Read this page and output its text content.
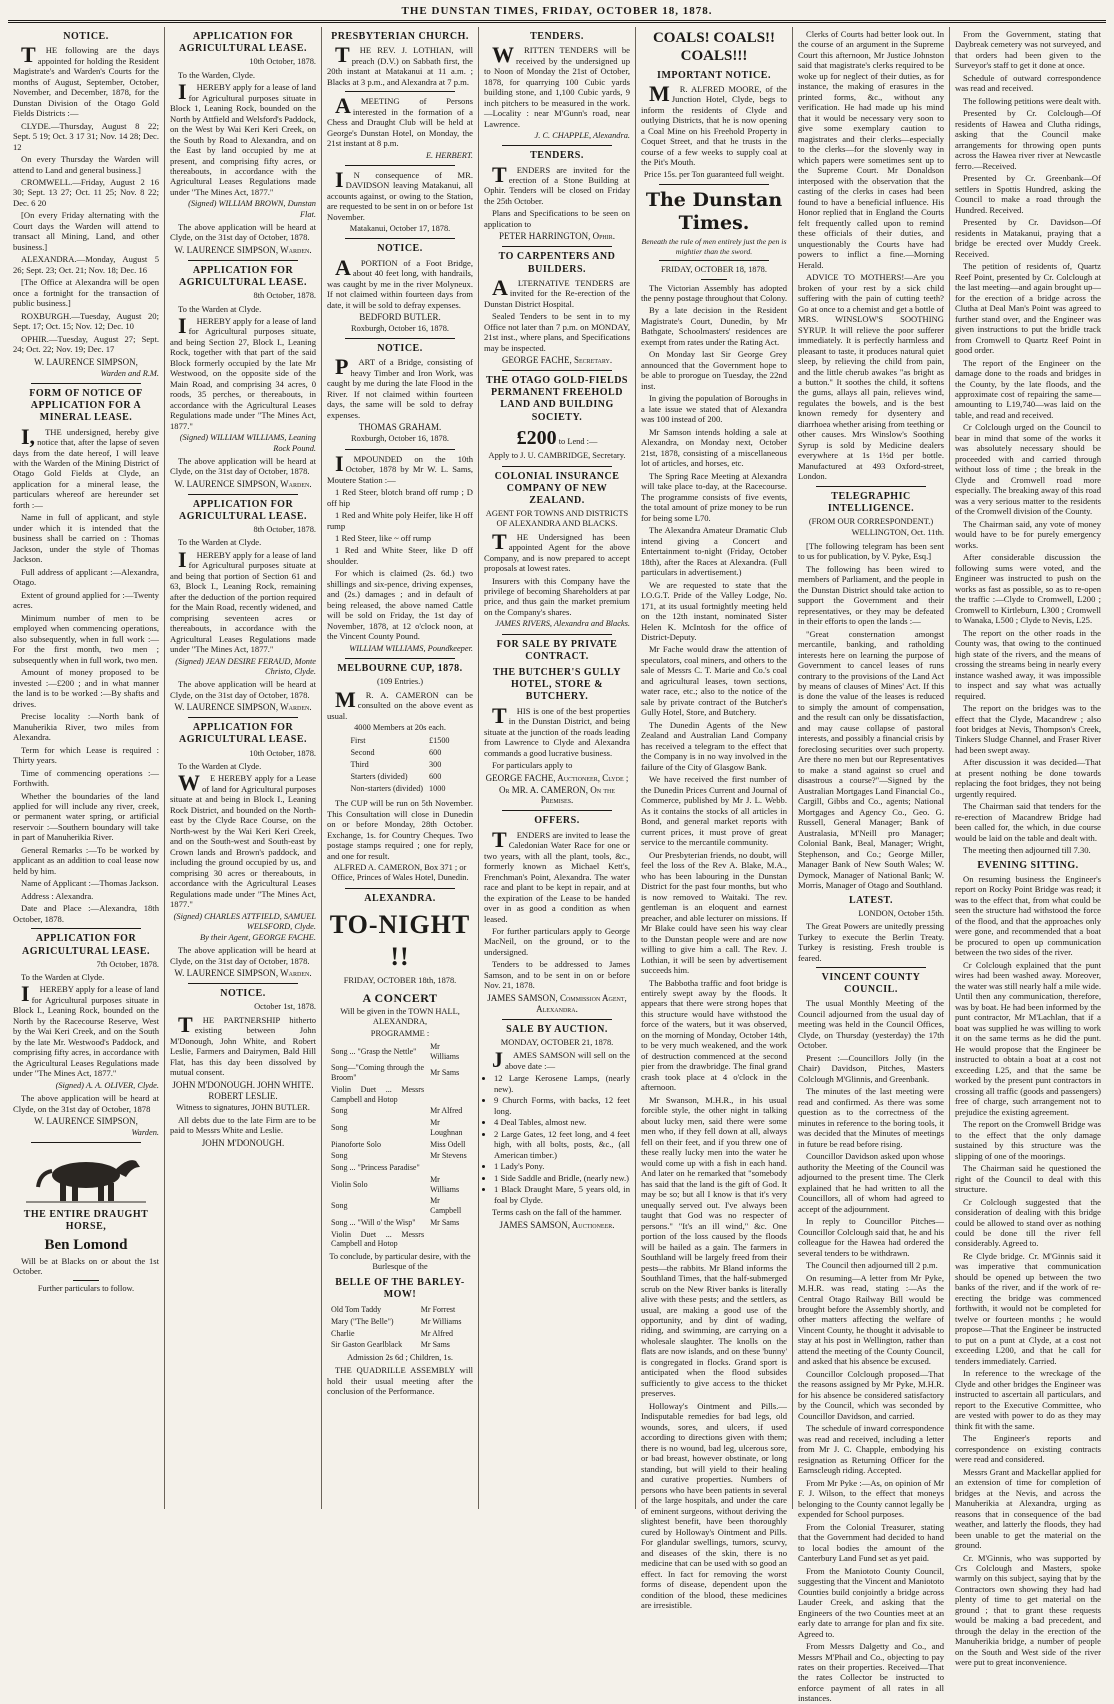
THE DUNSTAN TIMES, FRIDAY, OCTOBER 18, 1878.
NOTICE.

THE following are the days appointed for holding the Resident Magistrate's and Warden's Courts for the months of August, September, October, November, and December, 1878, for the Dunstan Division of the Otago Gold Fields Districts :—

CLYDE.—Thursday, August 8 22; Sept. 5 19; Oct. 3 17 31; Nov. 14 28; Dec. 12

On every Thursday the Warden will attend to Land and general business.]

CROMWELL.—Friday, August 2 16 30; Sept. 13 27; Oct. 11 25; Nov. 8 22; Dec. 6 20

[On every Friday alternating with the Court days the Warden will attend to transact all Mining, Land, and other business.]

ALEXANDRA.—Monday, August 5 26; Sept. 23; Oct. 21; Nov. 18; Dec. 16

[The Office at Alexandra will be open once a fortnight for the transaction of public business.]

ROXBURGH.—Tuesday, August 20; Sept. 17; Oct. 15; Nov. 12; Dec. 10

OPHIR.—Tuesday, August 27; Sept. 24; Oct. 22; Nov. 19; Dec. 17

W. LAURENCE SIMPSON,
Warden and R.M.
FORM OF NOTICE OF APPLICATION FOR A MINERAL LEASE.

I,THE undersigned, hereby give notice that, after the lapse of seven days from the date hereof, I will leave with the Warden of the Mining District of Otago Gold Fields at Clyde, an application for a mineral lease, the particulars whereof are hereunder set forth :—

Name in full of applicant, and style under which it is intended that the business shall be carried on : Thomas Jackson, under the style of Thomas Jackson.

Full address of applicant :—Alexandra, Otago.

Extent of ground applied for :—Twenty acres.

Minimum number of men to be employed when commencing operations, also subsequently, when in full work :—For the first month, two men ; subsequently when in full work, two men.

Amount of money proposed to be invested :—£200 ; and in what manner the land is to be worked :—By shafts and drives.

Precise locality :—North bank of Manuherikia River, two miles from Alexandra.

Term for which Lease is required : Thirty years.

Time of commencing operations :—Forthwith.

Whether the boundaries of the land applied for will include any river, creek, or permanent water spring, or artificial reservoir :—Southern boundary will take in part of Manuherikia River.

General Remarks :—To be worked by applicant as an addition to coal lease now held by him.

Name of Applicant :—Thomas Jackson.

Address : Alexandra.

Date and Place :—Alexandra, 18th October, 1878.

APPLICATION FOR AGRICULTURAL LEASE.
7th October, 1878.

To the Warden at Clyde.

IHEREBY apply for a lease of land for Agricultural purposes situate in Block I., Leaning Rock, bounded on the North by the Racecourse Reserve, West by the Wai Keri Creek, and on the South by the late Mr. Westwood's Paddock, and comprising fifty acres, in accordance with the Agricultural Leases Regulations made under "The Mines Act, 1877."

(Signed) A. A. OLIVER, Clyde.

The above application will be heard at Clyde, on the 31st day of October, 1878

W. LAURENCE SIMPSON,
Warden.
THE ENTIRE DRAUGHT HORSE,
Ben Lomond

Will be at Blacks on or about the 1st October.

Further particulars to follow.
APPLICATION FOR AGRICULTURAL LEASE.
10th October, 1878.

To the Warden, Clyde.

IHEREBY apply for a lease of land for Agricultural purposes situate in Block 1, Leaning Rock, bounded on the North by Attfield and Welsford's Paddock, on the West by Wai Keri Keri Creek, on the South by Road to Alexandra, and on the East by land occupied by me at present, and comprising fifty acres, or thereabouts, in accordance with the Agricultural Leases Regulations made under "The Mines Act, 1877."

(Signed) WILLIAM BROWN, Dunstan Flat.

The above application will be heard at Clyde, on the 31st day of October, 1878.

W. LAURENCE SIMPSON, Warden.
APPLICATION FOR AGRICULTURAL LEASE.
8th October, 1878.

To the Warden at Clyde.

IHEREBY apply for a lease of land for Agricultural purposes situate, and being Section 27, Block I., Leaning Rock, together with that part of the said Block formerly occupied by the late Mr Westwood, on the opposite side of the Main Road, and comprising 34 acres, 0 roods, 35 perches, or thereabouts, in accordance with the Agricultural Leases Regulations made under "The Mines Act, 1877."

(Signed) WILLIAM WILLIAMS, Leaning Rock Pound.

The above application will be heard at Clyde, on the 31st day of October, 1878.

W. LAURENCE SIMPSON, Warden.
APPLICATION FOR AGRICULTURAL LEASE.
8th October, 1878.

To the Warden at Clyde.

IHEREBY apply for a lease of land for Agricultural purposes situate at and being that portion of Section 61 and 63, Block I., Leaning Rock, remaining after the deduction of the portion required for the Main Road, recently widened, and comprising seventeen acres or thereabouts, in accordance with the Agricultural Leases Regulations made under "The Mines Act, 1877."

(Signed) JEAN DESIRE FERAUD, Monte Christo, Clyde.

The above application will be heard at Clyde, on the 31st day of October, 1878.

W. LAURENCE SIMPSON, Warden.
APPLICATION FOR AGRICULTURAL LEASE.
10th October, 1878.

To the Warden at Clyde.

WE HEREBY apply for a Lease of land for Agricultural purposes situate at and being in Block I., Leaning Rock District, and bounded on the North-east by the Clyde Race Course, on the North-west by the Wai Keri Keri Creek, and on the South-west and South-east by Crown lands and Brown's paddock, and including the ground occupied by us, and comprising 30 acres or thereabouts, in accordance with the Agricultural Leases Regulations made under "The Mines Act, 1877."

(Signed) CHARLES ATTFIELD, SAMUEL WELSFORD, Clyde.
By their Agent, GEORGE FACHE.

The above application will be heard at Clyde, on the 31st day of October, 1878.

W. LAURENCE SIMPSON, Warden.
NOTICE.
October 1st, 1878.

THE PARTNERSHIP hitherto existing between John M'Donough, John White, and Robert Leslie, Farmers and Dairymen, Bald Hill Flat, has this day been dissolved by mutual consent.

JOHN M'DONOUGH. JOHN WHITE. ROBERT LESLIE.
Witness to signatures, JOHN BUTLER.

All debts due to the late Firm are to be paid to Messrs White and Leslie.

JOHN M'DONOUGH.
PRESBYTERIAN CHURCH.

THE REV. J. LOTHIAN, will preach (D.V.) on Sabbath first, the 20th instant at Matakanui at 11 a.m. ; Blacks at 3 p.m., and Alexandra at 7 p.m.

AMEETING of Persons interested in the formation of a Chess and Draught Club will be held at George's Dunstan Hotel, on Monday, the 21st instant at 8 p.m.

E. HERBERT.

IN consequence of MR. DAVIDSON leaving Matakanui, all accounts against, or owing to the Station, are requested to be sent in on or before 1st November.

Matakanui, October 17, 1878.
NOTICE.

APORTION of a Foot Bridge, about 40 feet long, with handrails, was caught by me in the river Molyneux. If not claimed within fourteen days from date, it will be sold to defray expenses.

BEDFORD BUTLER.
Roxburgh, October 16, 1878.
NOTICE.

PART of a Bridge, consisting of heavy Timber and Iron Work, was caught by me during the late Flood in the River. If not claimed within fourteen days, the same will be sold to defray expenses.

THOMAS GRAHAM.
Roxburgh, October 16, 1878.

IMPOUNDED on the 10th October, 1878 by Mr W. L. Sams, Moutere Station :—

1 Red Steer, blotch brand off rump ; D off hip

1 Red and White poly Heifer, like H off rump

1 Red Steer, like ~ off rump

1 Red and White Steer, like D off shoulder.

For which is claimed (2s. 6d.) two shillings and six-pence, driving expenses, and (2s.) damages ; and in default of being released, the above named Cattle will be sold on Friday, the 1st day of November, 1878, at 12 o'clock noon, at the Vincent County Pound.

WILLIAM WILLIAMS, Poundkeeper.
MELBOURNE CUP, 1878.
(109 Entries.)

MR. A. CAMERON can be consulted on the above event as usual.

4000 Members at 20s each.
First	£1500
Second	600
Third	300
Starters (divided)	600
Non-starters (divided)	1000

The CUP will be run on 5th November. This Consultation will close in Dunedin on or before Monday, 28th October. Exchange, 1s. for Country Cheques. Two postage stamps required ; one for reply, and one for result.

ALFRED A. CAMERON, Box 371 ; or Office, Princes of Wales Hotel, Dunedin.
ALEXANDRA.
TO-NIGHT !!
FRIDAY, OCTOBER 18th, 1878.
A CONCERT
Will be given in the TOWN HALL, ALEXANDRA,
PROGRAMME :
Song ... "Grasp the Nettle"	Mr Williams
Song—"Coming through the Broom"	Mr Sams
Violin Duet ... Messrs Campbell and Hotop	
Song	Mr Alfred
Song	Mr Loughnan
Pianoforte Solo	Miss Odell
Song	Mr Stevens
Song ... "Princess Paradise"	
Violin Solo	Mr Williams
Song	Mr Campbell
Song ... "Will o' the Wisp"	Mr Sams
Violin Duet ... Messrs Campbell and Hotop	
To conclude, by particular desire, with the Burlesque of the
BELLE OF THE BARLEY-MOW!
Old Tom Taddy	Mr Forrest
Mary ("The Belle")	Mr Williams
Charlie	Mr Alfred
Sir Gaston Gearlblack	Mr Sams
Admission 2s 6d ; Children, 1s.

THE QUADRILLE ASSEMBLY will hold their usual meeting after the conclusion of the Performance.

TENDERS.

WRITTEN TENDERS will be received by the undersigned up to Noon of Monday the 21st of October, 1878, for quarrying 100 Cubic yards building stone, and 1,100 Cubic yards, 9 inch pitchers to be measured in the work.—Locality : near M'Gunn's road, near Lawrence.

J. C. CHAPPLE, Alexandra.
TENDERS.

TENDERS are invited for the erection of a Stone Building at Ophir. Tenders will be closed on Friday the 25th October.

Plans and Specifications to be seen on application to

PETER HARRINGTON, Ophir.
TO CARPENTERS AND BUILDERS.

ALTERNATIVE TENDERS are invited for the Re-erection of the Dunstan District Hospital.

Sealed Tenders to be sent in to my Office not later than 7 p.m. on MONDAY, 21st inst., where plans, and Specifications may be inspected.

GEORGE FACHE, Secretary.
THE OTAGO GOLD-FIELDS PERMANENT FREEHOLD LAND AND BUILDING SOCIETY.
£200 to Lend :—
Apply to J. U. CAMBRIDGE, Secretary.
COLONIAL INSURANCE COMPANY OF NEW ZEALAND.
AGENT FOR TOWNS AND DISTRICTS OF ALEXANDRA AND BLACKS.

THE Undersigned has been appointed Agent for the above Company, and is now prepared to accept proposals at lowest rates.

Insurers with this Company have the privilege of becoming Shareholders at par price, and thus gain the market premium on the Company's shares.

JAMES RIVERS, Alexandra and Blacks.
FOR SALE BY PRIVATE CONTRACT.
THE BUTCHER'S GULLY HOTEL, STORE & BUTCHERY.

THIS is one of the best properties in the Dunstan District, and being situate at the junction of the roads leading from Lawrence to Clyde and Alexandra commands a good lucrative business.

For particulars apply to

GEORGE FACHE, Auctioneer, Clyde ;
Or MR. A. CAMERON, On the Premises.
OFFERS.

TENDERS are invited to lease the Caledonian Water Race for one or two years, with all the plant, tools, &c., formerly known as Michael Kett's, Frenchman's Point, Alexandra. The water race and plant to be kept in repair, and at the expiration of the Lease to be handed over in as good a condition as when leased.

For further particulars apply to George MacNeil, on the ground, or to the undersigned.

Tenders to be addressed to James Samson, and to be sent in on or before Nov. 21, 1878.

JAMES SAMSON, Commission Agent, Alexandra.
SALE BY AUCTION.
MONDAY, OCTOBER 21, 1878.

JAMES SAMSON will sell on the above date :—

• 12 Large Kerosene Lamps, (nearly new).
• 9 Church Forms, with backs, 12 feet long.
• 4 Deal Tables, almost new.
• 2 Large Gates, 12 feet long, and 4 feet high, with all bolts, posts, &c., (all American timber.)
• 1 Lady's Pony.
• 1 Side Saddle and Bridle, (nearly new.)
• 1 Black Draught Mare, 5 years old, in foal by Clyde.

Terms cash on the fall of the hammer.

JAMES SAMSON, Auctioneer.
COALS! COALS!! COALS!!!
IMPORTANT NOTICE.

MR. ALFRED MOORE, of the Junction Hotel, Clyde, begs to inform the residents of Clyde and outlying Districts, that he is now opening a Coal Mine on his Freehold Property in Coquet Street, and that he trusts in the course of a few weeks to supply coal at the Pit's Mouth.

Price 15s. per Ton guaranteed full weight.
The Dunstan Times.
Beneath the rule of men entirely just the pen is mightier than the sword.
FRIDAY, OCTOBER 18, 1878.

The Victorian Assembly has adopted the penny postage throughout that Colony.

By a late decision in the Resident Magistrate's Court, Dunedin, by Mr Bathgate, Schoolmasters' residences are exempt from rates under the Rating Act.

On Monday last Sir George Grey announced that the Government hope to be able to prorogue on Tuesday, the 22nd inst.

In giving the population of Boroughs in a late issue we stated that of Alexandra was 100 instead of 200.

Mr Samson intends holding a sale at Alexandra, on Monday next, October 21st, 1878, consisting of a miscellaneous lot of articles, and horses, etc.

The Spring Race Meeting at Alexandra will take place to-day, at the Racecourse. The programme consists of five events, the total amount of prize money to be run for being some L70.

The Alexandra Amateur Dramatic Club intend giving a Concert and Entertainment to-night (Friday, October 18th), after the Races at Alexandra. (Full particulars in advertisement.)

We are requested to state that the I.O.G.T. Pride of the Valley Lodge, No. 171, at its usual fortnightly meeting held on the 12th instant, nominated Sister Helen K. McIntosh for the office of District-Deputy.

Mr Fache would draw the attention of speculators, coal miners, and others to the sale of Messrs C. T. Marie and Co.'s coal and agricultural leases, town sections, water race, etc.; also to the notice of the sale by private contract of the Butcher's Gully Hotel, Store, and Butchery.

The Dunedin Agents of the New Zealand and Australian Land Company has received a telegram to the effect that the Company is in no way involved in the failure of the City of Glasgow Bank.

We have received the first number of the Dunedin Prices Current and Journal of Commerce, published by Mr J. L. Webb. As it contains the stocks of all articles in Bond, and general market reports with current prices, it must prove of great service to the mercantile community.

Our Presbyterian friends, no doubt, will feel the loss of the Rev A. Blake, M.A., who has been labouring in the Dunstan District for the past four months, but who is now removed to Waitaki. The rev. gentleman is an eloquent and earnest preacher, and able lecturer on missions. If Mr Blake could have seen his way clear to the Dunstan people were and are now willing to give him a call. The Rev. J. Lothian, it will be seen by advertisement succeeds him.

The Babbotha traffic and foot bridge is entirely swept away by the floods. It appears that there were strong hopes that this structure would have withstood the force of the waters, but it was observed, on the morning of Monday, October 14th, to be very much weakened, and the work of destruction commenced at the second pier from the drawbridge. The final grand crash took place at 4 o'clock in the afternoon.

Mr Swanson, M.H.R., in his usual forcible style, the other night in talking about lucky men, said there were some men who, if they fell down at all, always fell on their feet, and if you threw one of these really lucky men into the water he would come up with a fish in each hand. And later on he remarked that "somebody has said that the land is the gift of God. It may be so; but all I know is that it's very unequally served out. I've always been taught that God was no respecter of persons." "It's an ill wind," &c. One portion of the loss caused by the floods will be hailed as a gain. The farmers in Southland will be largely freed from their pests—the rabbits. Mr Bland informs the Southland Times, that the half-submerged scrub on the New River banks is literally alive with these pests; and the settlers, as usual, are making a good use of the opportunity, and by dint of wading, riding, and swimming, are carrying on a wholesale slaughter. The knolls on the flats are now islands, and on these 'bunny' is congregated in flocks. Grand sport is anticipated when the flood subsides sufficiently to give access to the thicket preserves.

Holloway's Ointment and Pills.—Indisputable remedies for bad legs, old wounds, sores, and ulcers, if used according to directions given with them; there is no wound, bad leg, ulcerous sore, or bad breast, however obstinate, or long standing, but will yield to their healing and curative properties. Numbers of persons who have been patients in several of the large hospitals, and under the care of eminent surgeons, without deriving the slightest benefit, have been thoroughly cured by Holloway's Ointment and Pills. For glandular swellings, tumors, scurvy, and diseases of the skin, there is no medicine that can be used with so good an effect. In fact for removing the worst forms of disease, dependent upon the condition of the blood, these medicines are irresistible.

Clerks of Courts had better look out. In the course of an argument in the Supreme Court this afternoon, Mr Justice Johnston said that magistrate's clerks required to be woke up for neglect of their duties, as for instance, the making of erasures in the printed forms, &c., without any verification. He had made up his mind that it would be necessary very soon to give some exemplary caution to magistrates and their clerks—especially to the clerks—for the slovenly way in which papers were sometimes sent up to the Supreme Court. Mr Donaldson interposed with the observation that the casting of the clerks in cases had been found to have a beneficial influence. His Honor replied that in England the Courts felt frequently called upon to remind these officials of their duties, and unquestionably the Courts have had powers to inflict a fine.—Morning Herald.

ADVICE TO MOTHERS!—Are you broken of your rest by a sick child suffering with the pain of cutting teeth? Go at once to a chemist and get a bottle of MRS. WINSLOW'S SOOTHING SYRUP. It will relieve the poor sufferer immediately. It is perfectly harmless and pleasant to taste, it produces natural quiet sleep, by relieving the child from pain, and the little cherub awakes "as bright as a button." It soothes the child, it softens the gums, allays all pain, relieves wind, regulates the bowels, and is the best known remedy for dysentery and diarrhoea whether arising from teething or other causes. Mrs Winslow's Soothing Syrup is sold by Medicine dealers everywhere at 1s 1½d per bottle. Manufactured at 493 Oxford-street, London.

TELEGRAPHIC INTELLIGENCE.
(FROM OUR CORRESPONDENT.)
WELLINGTON, Oct. 11th.

[The following telegram has been sent to us for publication, by V. Pyke, Esq.]

The following has been wired to members of Parliament, and the people in the Dunstan District should take action to support the Government and their representatives, or they may be defeated in their efforts to open the lands :—

"Great consternation amongst mercantile, banking, and ratholding interests here on learning the purpose of Government to cancel leases of runs contrary to the provisions of the Land Act by means of clauses of Mines' Act. If this is done the value of the leases is reduced to simply the amount of compensation, and the result can only be dissatisfaction, and may cause collapse of pastoral interests, and possibly a financial crisis by foreclosing securities over such property. Are there no men but our Representatives to make a stand against so cruel and disastrous a course?"—Signed by the Australian Mortgages Land Financial Co., Cargill, Gibbs and Co., agents; National Mortgages and Agency Co., Geo. G. Russell, General Manager; Bank of Australasia, M'Neill pro Manager; Colonial Bank, Beal, Manager; Wright, Stephenson, and Co.; George Miller, Manager Bank of New South Wales; W. Dymock, Manager of National Bank; W. Morris, Manager of Otago and Southland.

LATEST.
LONDON, October 15th.

The Great Powers are unitedly pressing Turkey to execute the Berlin Treaty. Turkey is resisting. Fresh trouble is feared.

VINCENT COUNTY COUNCIL.

The usual Monthly Meeting of the Council adjourned from the usual day of meeting was held in the Council Offices, Clyde, on Thursday (yesterday) the 17th October.

Present :—Councillors Jolly (in the Chair) Davidson, Pitches, Masters Colclough M'Glinnis, and Greenbank.

The minutes of the last meeting were read and confirmed. As there was some question as to the correctness of the minutes in reference to the boring tools, it was decided that the Minutes of meetings in future be read before rising.

Councillor Davidson asked upon whose authority the Meeting of the Council was adjourned to the present time. The Clerk explained that he had written to all the Councillors, all of whom had agreed to accept of the adjournment.

In reply to Councillor Pitches—Councillor Colclough said that, he and his colleague for the Hawea had ordered the several tenders to be withdrawn.

The Council then adjourned till 2 p.m.

On resuming—A letter from Mr Pyke, M.H.R. was read, stating :—As the Central Otago Railway Bill would be brought before the Assembly shortly, and other matters affecting the welfare of Vincent County, he thought it advisable to stay at his post in Wellington, rather than attend the meeting of the County Council, and asked that his absence be excused.

Councillor Colclough proposed—That the reasons assigned by Mr Pyke, M.H.R. for his absence be considered satisfactory by the Council, which was seconded by Councillor Davidson, and carried.

The schedule of inward correspondence was read and received, including a letter from Mr J. C. Chapple, embodying his resignation as Returning Officer for the Earnscleugh riding. Accepted.

From Mr Pyke :—As, on opinion of Mr F. J. Wilson, to the effect that moneys belonging to the County cannot legally be expended for School purposes.

From the Colonial Treasurer, stating that the Government had decided to hand to local bodies the amount of the Canterbury Land Fund set as yet paid.

From the Maniototo County Council, suggesting that the Vincent and Maniototo Counties build conjointly a bridge across Lauder Creek, and asking that the Engineers of the two Counties meet at an early date to arrange for plan and fix site. Agreed to.

From Messrs Dalgetty and Co., and Messrs M'Phail and Co., objecting to pay rates on their properties. Received—That the rates Collector be instructed to enforce payment of all rates in all instances.

From the Government, stating that Daybreak cemetery was not surveyed, and that orders had been given to the Surveyor's staff to get it done at once.

Schedule of outward correspondence was read and received.

The following petitions were dealt with.

Presented by Cr. Colclough—Of residents of Hawea and Clutha ridings, asking that the Council make arrangements for throwing open punts across the Hawea river river at Newcastle ferro.—Received.

Presented by Cr. Greenbank—Of settlers in Spottis Hundred, asking the Council to make a road through the Hundred. Received.

Presented by Cr. Davidson—Of residents in Matakanui, praying that a bridge be erected over Muddy Creek. Received.

The petition of residents of, Quartz Reef Point, presented by Cr. Colclough at the last meeting—and again brought up—for the erection of a bridge across the Clutha at Deal Man's Point was agreed to further stand over, and the Engineer was given instructions to put the bridle track from Cromwell to Quartz Reef Point in good order.

The report of the Engineer on the damage done to the roads and bridges in the County, by the late floods, and the approximate cost of repairing the same—amounting to L19,740—was laid on the table, and read and received.

Cr Colclough urged on the Council to bear in mind that some of the works it was absolutely necessary should be proceeded with and carried through without loss of time ; the break in the Clyde and Cromwell road more especially. The breaking away of this road was a very serious matter to the residents of the Cromwell division of the County.

The Chairman said, any vote of money would have to be for purely emergency works.

After considerable discussion the following sums were voted, and the Engineer was instructed to push on the works as fast as possible, so as to re-open the traffic :—Clyde to Cromwell, L200 ; Cromwell to Kirtleburn, L300 ; Cromwell to Wanaka, L500 ; Clyde to Nevis, L25.

The report on the other roads in the County was, that owing to the continued high state of the rivers, and the means of crossing the streams being in nearly every instance washed away, it was impossible to inspect and say what was actually required.

The report on the bridges was to the effect that the Clyde, Macandrew ; also foot bridges at Nevis, Thompson's Creek, Tinkers Sludge Channel, and Fraser River had been swept away.

After discussion it was decided—That at present nothing be done towards replacing the foot bridges, they not being urgently required.

The Chairman said that tenders for the re-erection of Macandrew Bridge had been called for, the which, in due course would be laid on the table and dealt with.

The meeting then adjourned till 7.30.

EVENING SITTING.

On resuming business the Engineer's report on Rocky Point Bridge was read; it was to the effect that, from what could be seen the structure had withstood the force of the flood, and that the approaches only were gone, and recommended that a boat be procured to open up communication between the two sides of the river.

Cr Colclough explained that the punt wires had been washed away. Moreover, the water was still nearly half a mile wide. Until then any communication, therefore, was by boat. He had been informed by the punt contractor, Mr M'Lachlan, that if a boat was supplied he was willing to work it on the same terms as he did the punt. He would propose that the Engineer be instructed to obtain a boat at a cost not exceeding L25, and that the same be worked by the present punt contractors in crossing all traffic (goods and passengers) free of charge, such arrangement not to prejudice the existing agreement.

The report on the Cromwell Bridge was to the effect that the only damage sustained by this structure was the slipping of one of the moorings.

The Chairman said he questioned the right of the Council to deal with this structure.

Cr Colclough suggested that the consideration of dealing with this bridge could be allowed to stand over as nothing could be done till the river fell considerably. Agreed to.

Re Clyde bridge. Cr. M'Ginnis said it was imperative that communication should be opened up between the two banks of the river, and if the work of re-erecting the bridge was commenced forthwith, it would not be completed for twelve or fourteen months ; he would propose—That the Engineer be instructed to put on a punt at Clyde, at a cost not exceeding L200, and that he call for tenders immediately. Carried.

In reference to the wreckage of the Clyde and other bridges the Engineer was instructed to ascertain all particulars, and report to the Executive Committee, who are vested with power to do as they may think fit with the same.

The Engineer's reports and correspondence on existing contracts were read and considered.

Messrs Grant and Mackellar applied for an extension of time for completion of bridges at the Nevis, and across the Manuherikia at Alexandra, urging as reasons that in consequence of the bad weather, and latterly the floods, they had been unable to get the material on the ground.

Cr. M'Ginnis, who was supported by Crs Colclough and Masters, spoke warmly on this subject, saying that by the Contractors own showing they had had plenty of time to get material on the ground ; that to grant these requests would be making a bad precedent, and through the delay in the erection of the Manuherikia bridge, a number of people on the South and West side of the river were put to great inconvenience.
